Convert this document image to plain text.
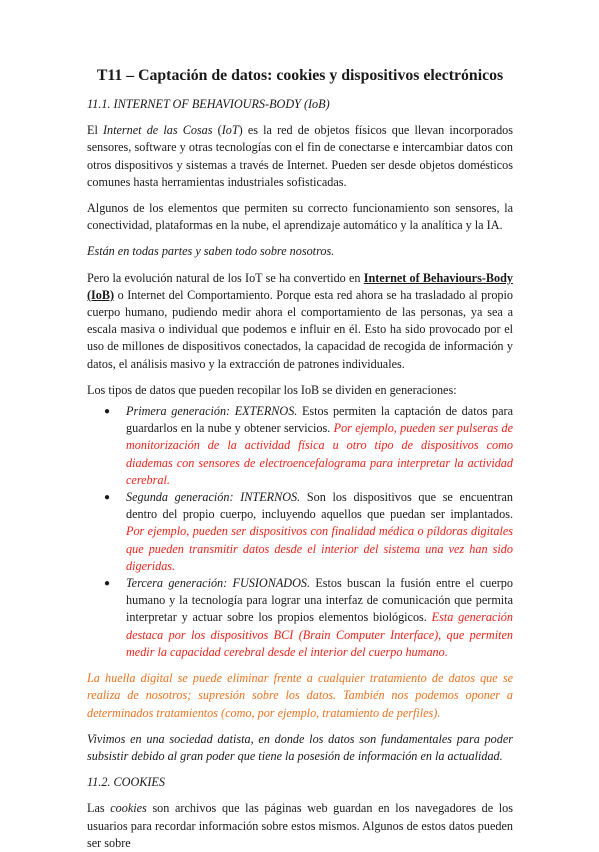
T11 – Captación de datos: cookies y dispositivos electrónicos
11.1. INTERNET OF BEHAVIOURS-BODY (IoB)

El Internet de las Cosas (IoT) es la red de objetos físicos que llevan incorporados sensores, software y otras tecnologías con el fin de conectarse e intercambiar datos con otros dispositivos y sistemas a través de Internet. Pueden ser desde objetos domésticos comunes hasta herramientas industriales sofisticadas.

Algunos de los elementos que permiten su correcto funcionamiento son sensores, la conectividad, plataformas en la nube, el aprendizaje automático y la analítica y la IA.

Están en todas partes y saben todo sobre nosotros.

Pero la evolución natural de los IoT se ha convertido en Internet of Behaviours-Body (IoB) o Internet del Comportamiento. Porque esta red ahora se ha trasladado al propio cuerpo humano, pudiendo medir ahora el comportamiento de las personas, ya sea a escala masiva o individual que podemos e influir en él. Esto ha sido provocado por el uso de millones de dispositivos conectados, la capacidad de recogida de información y datos, el análisis masivo y la extracción de patrones individuales.

Los tipos de datos que pueden recopilar los IoB se dividen en generaciones:

● Primera generación: EXTERNOS. Estos permiten la captación de datos para guardarlos en la nube y obtener servicios. Por ejemplo, pueden ser pulseras de monitorización de la actividad física u otro tipo de dispositivos como diademas con sensores de electroencefalograma para interpretar la actividad cerebral.
● Segunda generación: INTERNOS. Son los dispositivos que se encuentran dentro del propio cuerpo, incluyendo aquellos que puedan ser implantados. Por ejemplo, pueden ser dispositivos con finalidad médica o píldoras digitales que pueden transmitir datos desde el interior del sistema una vez han sido digeridas.
● Tercera generación: FUSIONADOS. Estos buscan la fusión entre el cuerpo humano y la tecnología para lograr una interfaz de comunicación que permita interpretar y actuar sobre los propios elementos biológicos. Esta generación destaca por los dispositivos BCI (Brain Computer Interface), que permiten medir la capacidad cerebral desde el interior del cuerpo humano.

La huella digital se puede eliminar frente a cualquier tratamiento de datos que se realiza de nosotros; supresión sobre los datos. También nos podemos oponer a determinados tratamientos (como, por ejemplo, tratamiento de perfiles).

Vivimos en una sociedad datista, en donde los datos son fundamentales para poder subsistir debido al gran poder que tiene la posesión de información en la actualidad.

11.2. COOKIES

Las cookies son archivos que las páginas web guardan en los navegadores de los usuarios para recordar información sobre estos mismos. Algunos de estos datos pueden ser sobre
